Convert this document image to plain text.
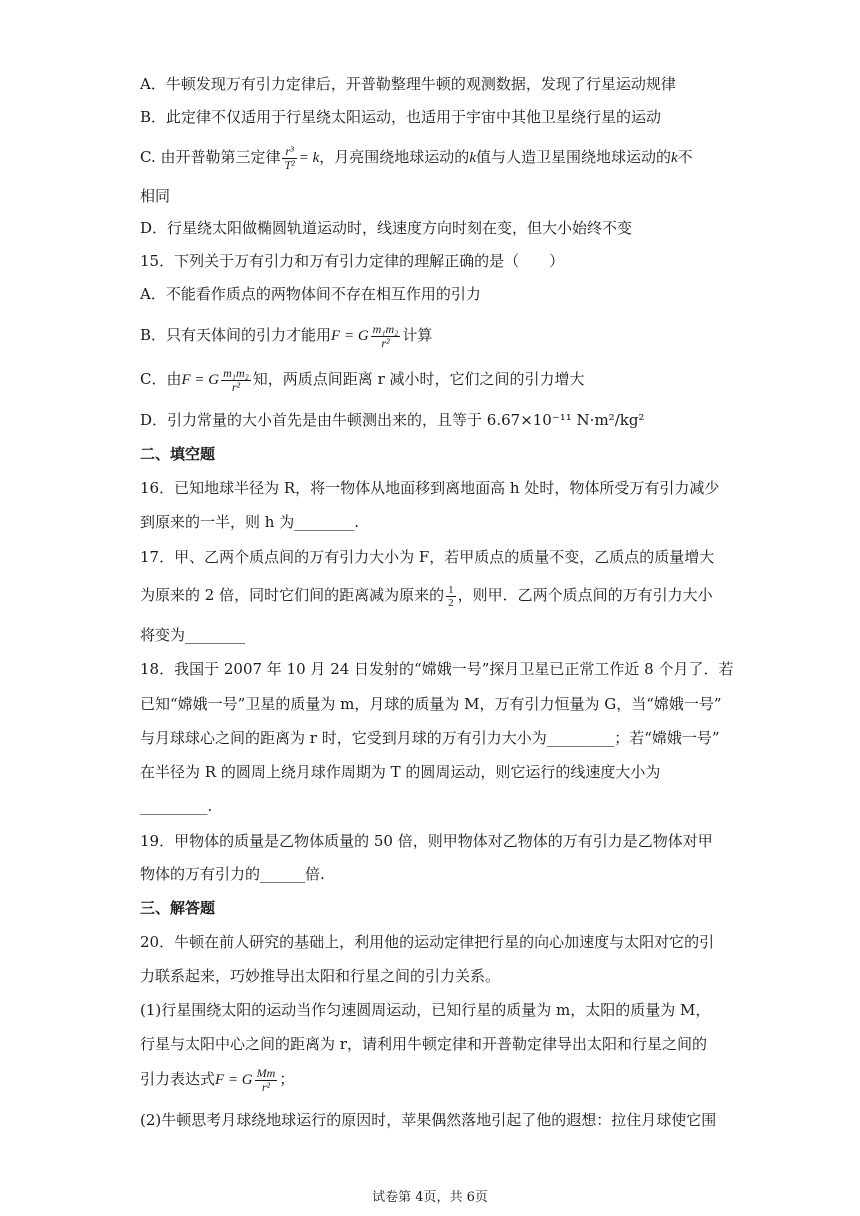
A．牛顿发现万有引力定律后，开普勒整理牛顿的观测数据，发现了行星运动规律
B．此定律不仅适用于行星绕太阳运动，也适用于宇宙中其他卫星绕行星的运动
C. 由开普勒第三定律 $\frac{\text{r³}}{\text{T²}} = k$，月亮围绕地球运动的k值与人造卫星围绕地球运动的k不
相同
D．行星绕太阳做椭圆轨道运动时，线速度方向时刻在变，但大小始终不变
15．下列关于万有引力和万有引力定律的理解正确的是（　　）
A．不能看作质点的两物体间不存在相互作用的引力
B．只有天体间的引力才能用F = G $\frac{\text{m₁m₂}}{\text{r²}}$ 计算
C．由F = G $\frac{\text{m₁m₂}}{\text{r²}}$ 知，两质点间距离 r 减小时，它们之间的引力增大
D．引力常量的大小首先是由牛顿测出来的，且等于 6.67×10⁻¹¹ N·m²/kg²
二、填空题
16．已知地球半径为 R，将一物体从地面移到离地面高 h 处时，物体所受万有引力减少
到原来的一半，则 h 为________.
17．甲、乙两个质点间的万有引力大小为 F，若甲质点的质量不变，乙质点的质量增大
为原来的 2 倍，同时它们间的距离减为原来的 $\frac{1}{2}$ ，则甲．乙两个质点间的万有引力大小
将变为________
18．我国于 2007 年 10 月 24 日发射的“嫦娥一号”探月卫星已正常工作近 8 个月了．若
已知“嫦娥一号”卫星的质量为 m，月球的质量为 M，万有引力恒量为 G，当“嫦娥一号”
与月球球心之间的距离为 r 时，它受到月球的万有引力大小为_________；若“嫦娥一号”
在半径为 R 的圆周上绕月球作周期为 T 的圆周运动，则它运行的线速度大小为
_________.
19．甲物体的质量是乙物体质量的 50 倍，则甲物体对乙物体的万有引力是乙物体对甲
物体的万有引力的______倍.
三、解答题
20．牛顿在前人研究的基础上，利用他的运动定律把行星的向心加速度与太阳对它的引
力联系起来，巧妙推导出太阳和行星之间的引力关系。
(1)行星围绕太阳的运动当作匀速圆周运动，已知行星的质量为 m，太阳的质量为 M，
行星与太阳中心之间的距离为 r，请利用牛顿定律和开普勒定律导出太阳和行星之间的
引力表达式F = G $\frac{Mm}{\text{r²}}$ ；
(2)牛顿思考月球绕地球运行的原因时，苹果偶然落地引起了他的遐想：拉住月球使它围
试卷第 4页，共 6页
